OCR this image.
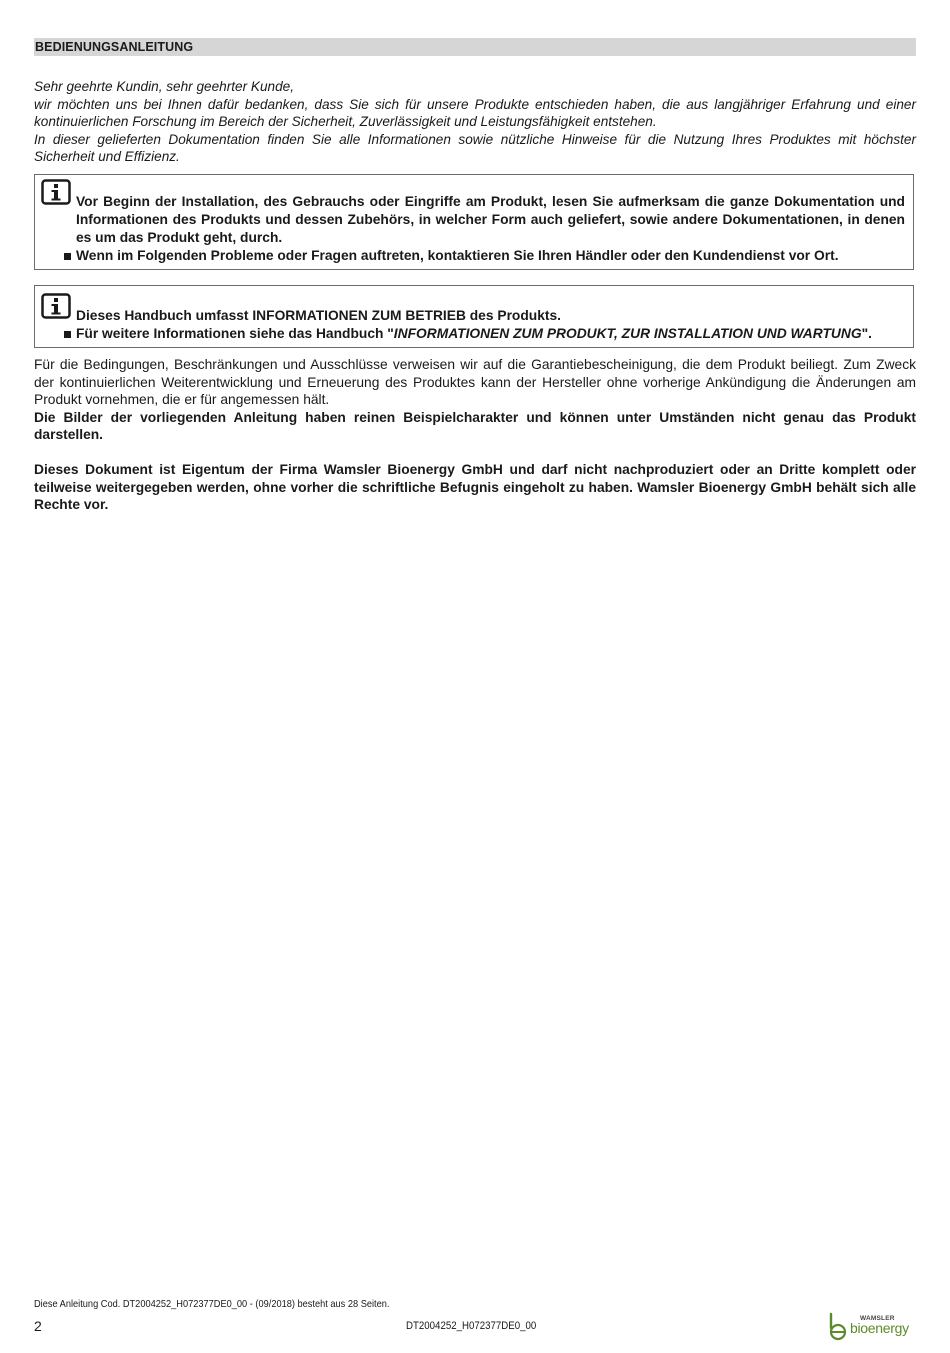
BEDIENUNGSANLEITUNG

Sehr geehrte Kundin, sehr geehrter Kunde,

wir möchten uns bei Ihnen dafür bedanken, dass Sie sich für unsere Produkte entschieden haben, die aus langjähriger Erfahrung und einer kontinuierlichen Forschung im Bereich der Sicherheit, Zuverlässigkeit und Leistungsfähigkeit entstehen.

In dieser gelieferten Dokumentation finden Sie alle Informationen sowie nützliche Hinweise für die Nutzung Ihres Produktes mit höchster Sicherheit und Effizienz.

Vor Beginn der Installation, des Gebrauchs oder Eingriffe am Produkt, lesen Sie aufmerksam die ganze Dokumentation und Informationen des Produkts und dessen Zubehörs, in welcher Form auch geliefert, sowie andere Dokumentationen, in denen es um das Produkt geht, durch.

Wenn im Folgenden Probleme oder Fragen auftreten, kontaktieren Sie Ihren Händler oder den Kundendienst vor Ort.

Dieses Handbuch umfasst INFORMATIONEN ZUM BETRIEB des Produkts.

Für weitere Informationen siehe das Handbuch "INFORMATIONEN ZUM PRODUKT, ZUR INSTALLATION UND WARTUNG".

Für die Bedingungen, Beschränkungen und Ausschlüsse verweisen wir auf die Garantiebescheinigung, die dem Produkt beiliegt. Zum Zweck der kontinuierlichen Weiterentwicklung und Erneuerung des Produktes kann der Hersteller ohne vorherige Ankündigung die Änderungen am Produkt vornehmen, die er für angemessen hält.

Die Bilder der vorliegenden Anleitung haben reinen Beispielcharakter und können unter Umständen nicht genau das Produkt darstellen.

Dieses Dokument ist Eigentum der Firma Wamsler Bioenergy GmbH und darf nicht nachproduziert oder an Dritte komplett oder teilweise weitergegeben werden, ohne vorher die schriftliche Befugnis eingeholt zu haben. Wamsler Bioenergy GmbH behält sich alle Rechte vor.

Diese Anleitung Cod. DT2004252_H072377DE0_00 - (09/2018) besteht aus 28 Seiten.
2	DT2004252_H072377DE0_00
WAMSLER
bioenergy
